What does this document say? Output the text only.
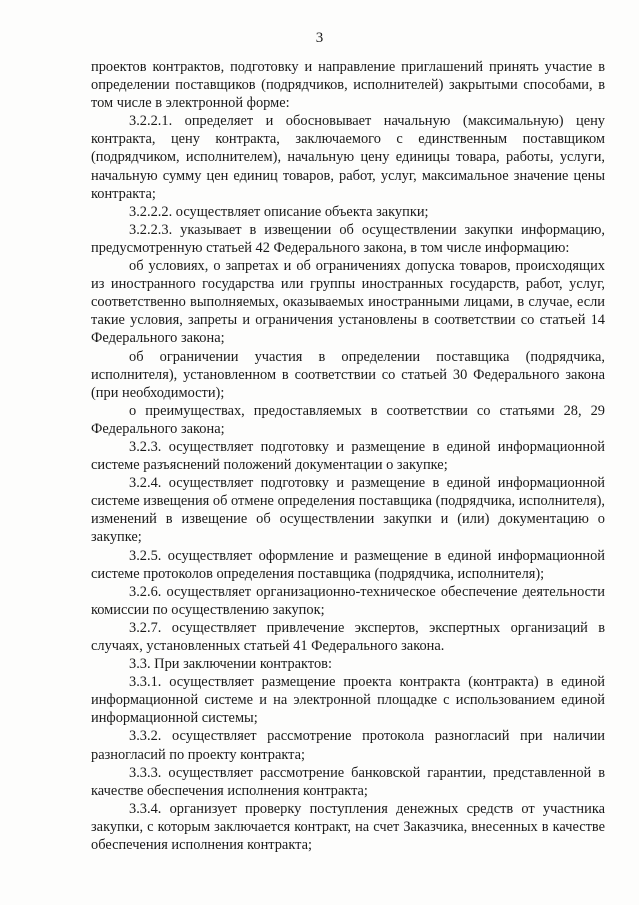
3

проектов контрактов, подготовку и направление приглашений принять участие в определении поставщиков (подрядчиков, исполнителей) закрытыми способами, в том числе в электронной форме:

3.2.2.1. определяет и обосновывает начальную (максимальную) цену контракта, цену контракта, заключаемого с единственным поставщиком (подрядчиком, исполнителем), начальную цену единицы товара, работы, услуги, начальную сумму цен единиц товаров, работ, услуг, максимальное значение цены контракта;

3.2.2.2. осуществляет описание объекта закупки;

3.2.2.3. указывает в извещении об осуществлении закупки информацию, предусмотренную статьей 42 Федерального закона, в том числе информацию:

об условиях, о запретах и об ограничениях допуска товаров, происходящих из иностранного государства или группы иностранных государств, работ, услуг, соответственно выполняемых, оказываемых иностранными лицами, в случае, если такие условия, запреты и ограничения установлены в соответствии со статьей 14 Федерального закона;

об ограничении участия в определении поставщика (подрядчика, исполнителя), установленном в соответствии со статьей 30 Федерального закона (при необходимости);

о преимуществах, предоставляемых в соответствии со статьями 28, 29 Федерального закона;

3.2.3. осуществляет подготовку и размещение в единой информационной системе разъяснений положений документации о закупке;

3.2.4. осуществляет подготовку и размещение в единой информационной системе извещения об отмене определения поставщика (подрядчика, исполнителя), изменений в извещение об осуществлении закупки и (или) документацию о закупке;

3.2.5. осуществляет оформление и размещение в единой информационной системе протоколов определения поставщика (подрядчика, исполнителя);

3.2.6. осуществляет организационно-техническое обеспечение деятельности комиссии по осуществлению закупок;

3.2.7. осуществляет привлечение экспертов, экспертных организаций в случаях, установленных статьей 41 Федерального закона.

3.3. При заключении контрактов:

3.3.1. осуществляет размещение проекта контракта (контракта) в единой информационной системе и на электронной площадке с использованием единой информационной системы;

3.3.2. осуществляет рассмотрение протокола разногласий при наличии разногласий по проекту контракта;

3.3.3. осуществляет рассмотрение банковской гарантии, представленной в качестве обеспечения исполнения контракта;

3.3.4. организует проверку поступления денежных средств от участника закупки, с которым заключается контракт, на счет Заказчика, внесенных в качестве обеспечения исполнения контракта;
